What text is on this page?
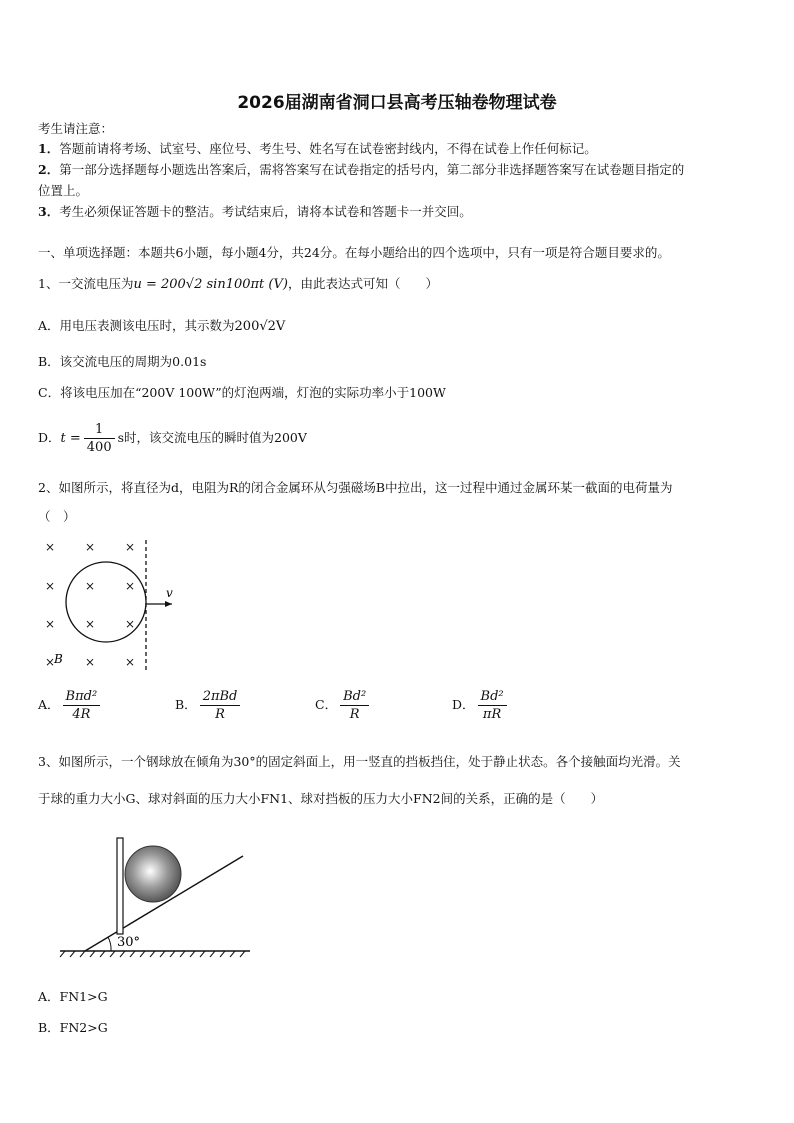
2026届湖南省洞口县高考压轴卷物理试卷
考生请注意：
1．答题前请将考场、试室号、座位号、考生号、姓名写在试卷密封线内，不得在试卷上作任何标记。
2．第一部分选择题每小题选出答案后，需将答案写在试卷指定的括号内，第二部分非选择题答案写在试卷题目指定的
位置上。
3．考生必须保证答题卡的整洁。考试结束后，请将本试卷和答题卡一并交回。
一、单项选择题：本题共6小题，每小题4分，共24分。在每小题给出的四个选项中，只有一项是符合题目要求的。
1、一交流电压为u = 200√2 sin100πt (V)，由此表达式可知（　　）
A．用电压表测该电压时，其示数为200√2V
B．该交流电压的周期为0.01s
C．将该电压加在“200V 100W”的灯泡两端，灯泡的实际功率小于100W
D．$t = \frac{1}{400}$ s时，该交流电压的瞬时值为200V
2、如图所示，将直径为d，电阻为R的闭合金属环从匀强磁场B中拉出，这一过程中通过金属环某一截面的电荷量为
（　）
× × ×
× × ×
× × ×
× × ×
v
B
A． $\frac{\text{Bπd²}}{4R}$	B． $\frac{\text{2πBd}}{R}$	C． $\frac{\text{Bd²}}{R}$	D． $\frac{\text{Bd²}}{\pi R}$
3、如图所示，一个钢球放在倾角为30°的固定斜面上，用一竖直的挡板挡住，处于静止状态。各个接触面均光滑。关
于球的重力大小G、球对斜面的压力大小FN1、球对挡板的压力大小FN2间的关系，正确的是（　　）
30°
A．FN1>G
B．FN2>G
